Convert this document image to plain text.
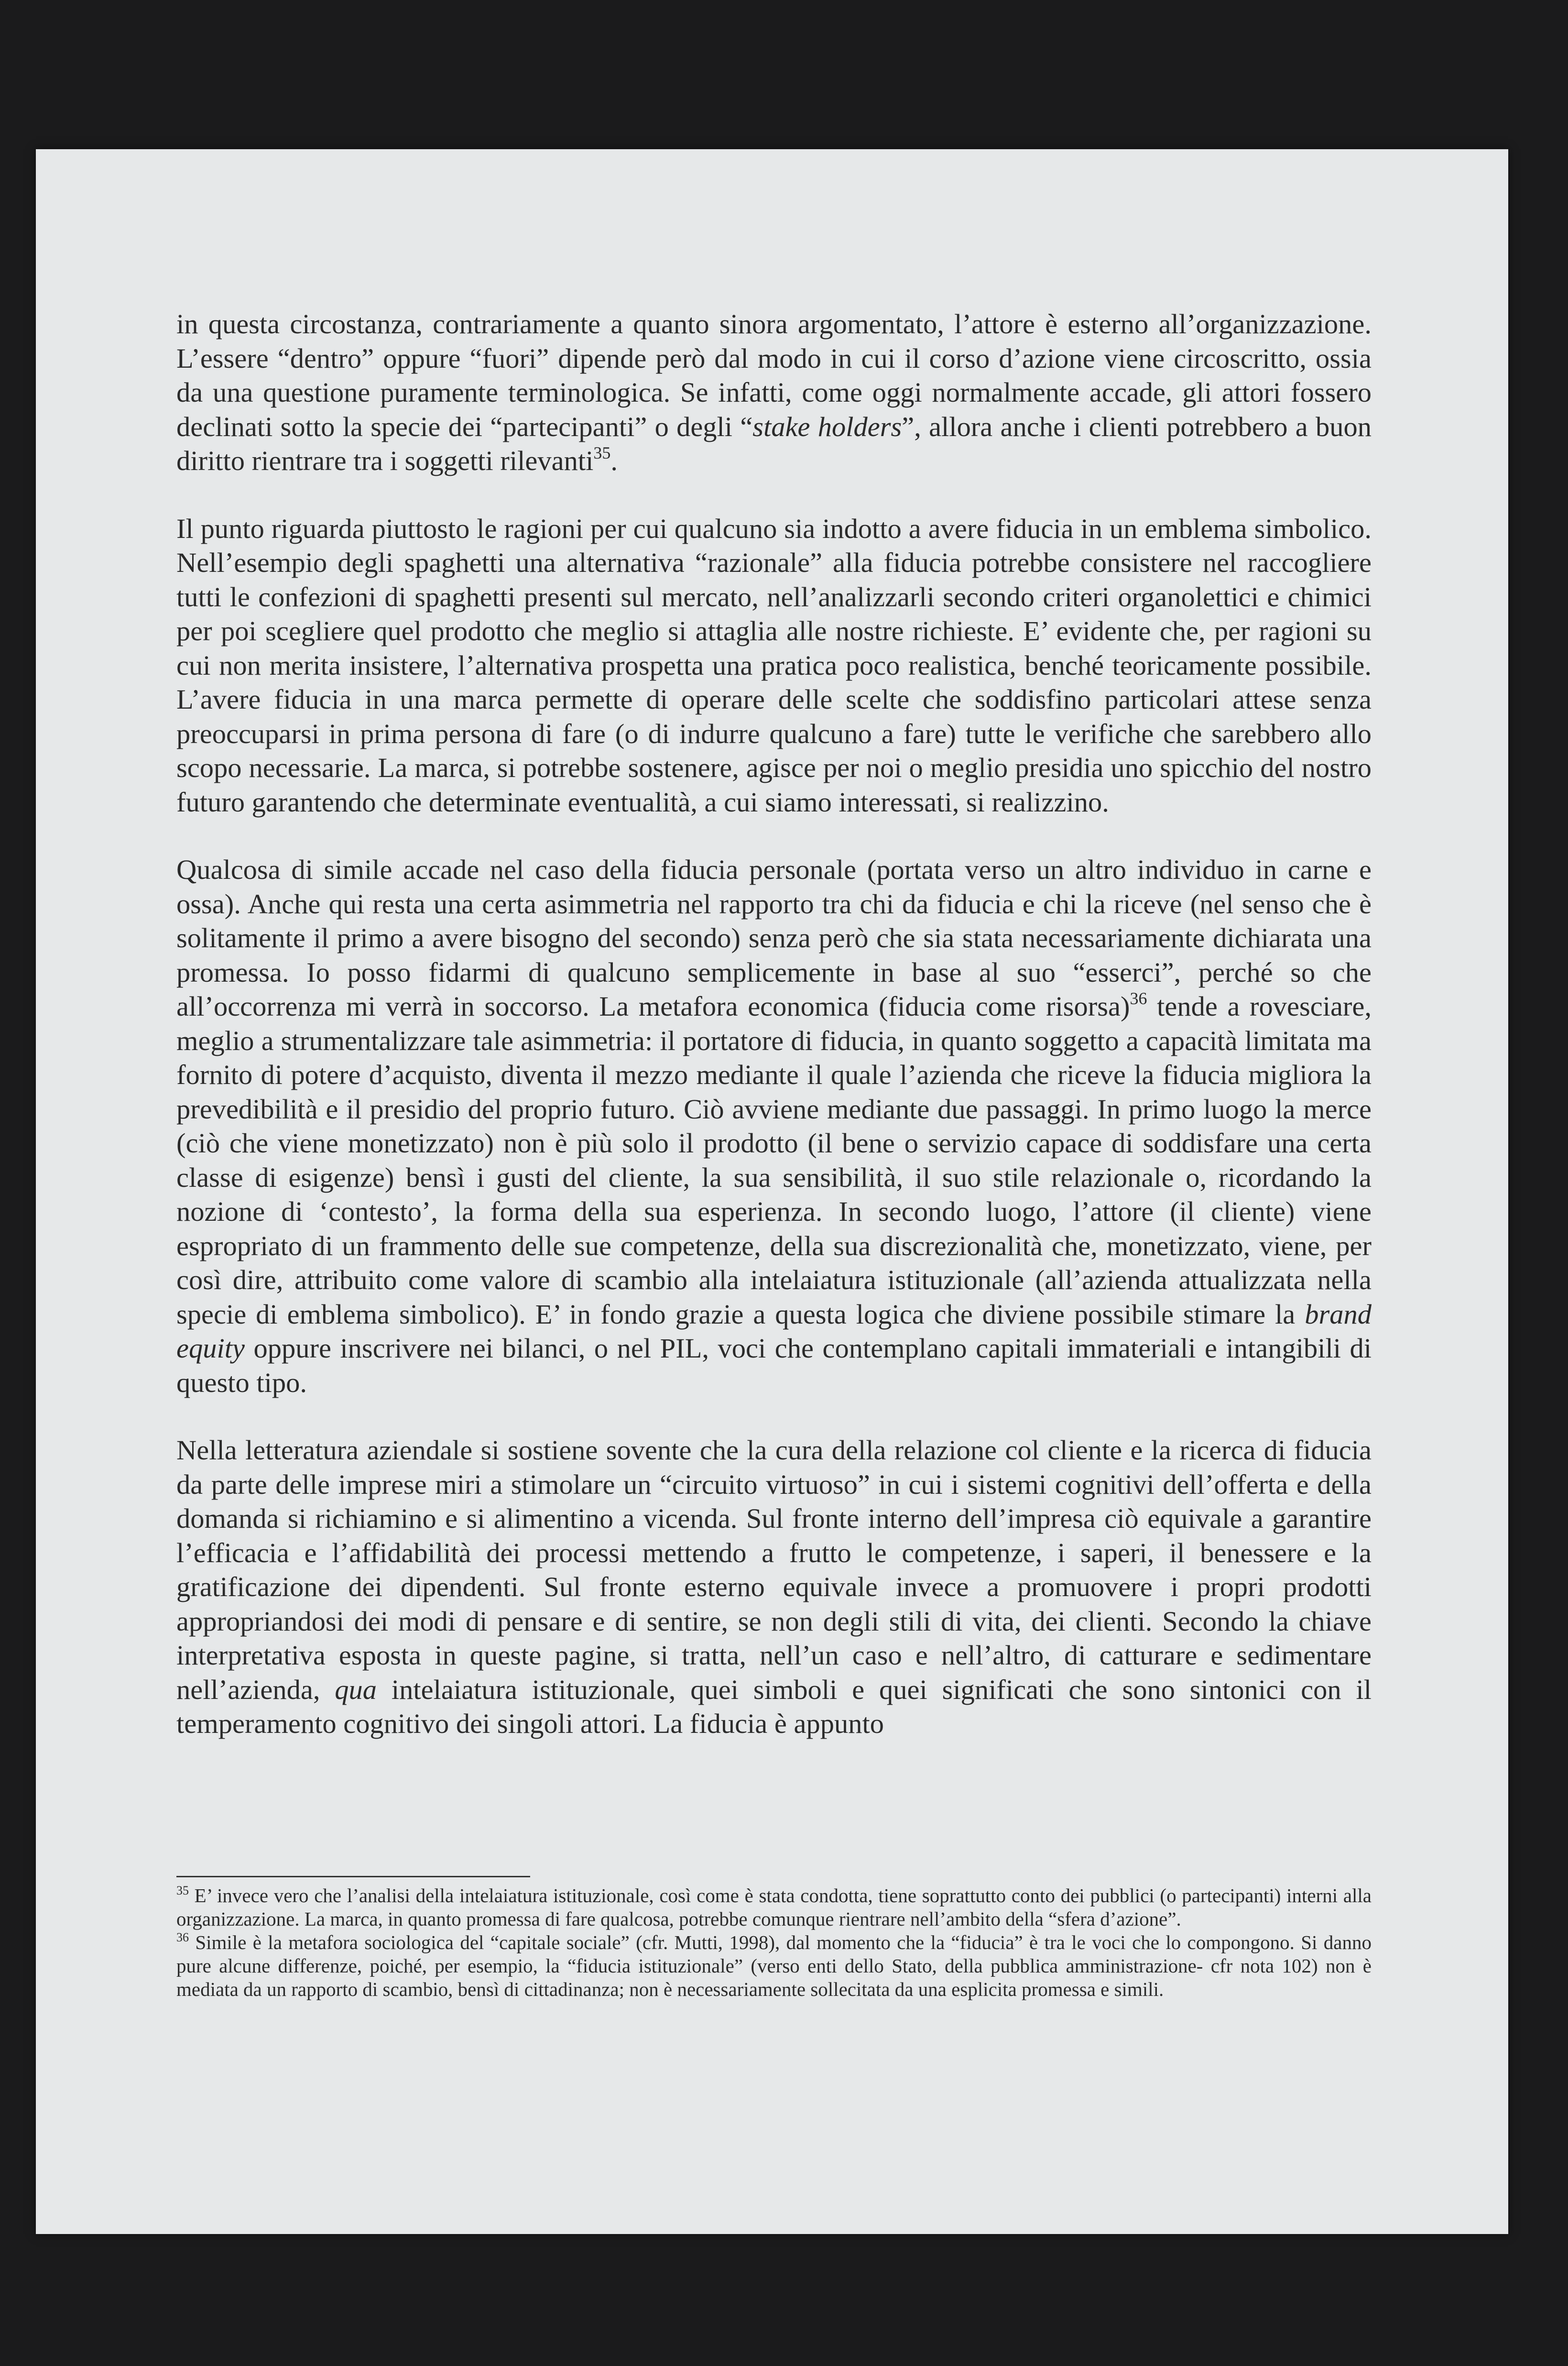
in questa circostanza, contrariamente a quanto sinora argomentato, l’attore è esterno all’organizzazione. L’essere “dentro” oppure “fuori” dipende però dal modo in cui il corso d’azione viene circoscritto, ossia da una questione puramente terminologica. Se infatti, come oggi normalmente accade, gli attori fossero declinati sotto la specie dei “partecipanti” o degli “stake holders”, allora anche i clienti potrebbero a buon diritto rientrare tra i soggetti rilevanti$^{35}$.

Il punto riguarda piuttosto le ragioni per cui qualcuno sia indotto a avere fiducia in un emblema simbolico. Nell’esempio degli spaghetti una alternativa “razionale” alla fiducia potrebbe consistere nel raccogliere tutti le confezioni di spaghetti presenti sul mercato, nell’analizzarli secondo criteri organolettici e chimici per poi scegliere quel prodotto che meglio si attaglia alle nostre richieste. E’ evidente che, per ragioni su cui non merita insistere, l’alternativa prospetta una pratica poco realistica, benché teoricamente possibile. L’avere fiducia in una marca permette di operare delle scelte che soddisfino particolari attese senza preoccuparsi in prima persona di fare (o di indurre qualcuno a fare) tutte le verifiche che sarebbero allo scopo necessarie. La marca, si potrebbe sostenere, agisce per noi o meglio presidia uno spicchio del nostro futuro garantendo che determinate eventualità, a cui siamo interessati, si realizzino.

Qualcosa di simile accade nel caso della fiducia personale (portata verso un altro individuo in carne e ossa). Anche qui resta una certa asimmetria nel rapporto tra chi da fiducia e chi la riceve (nel senso che è solitamente il primo a avere bisogno del secondo) senza però che sia stata necessariamente dichiarata una promessa. Io posso fidarmi di qualcuno semplicemente in base al suo “esserci”, perché so che all’occorrenza mi verrà in soccorso. La metafora economica (fiducia come risorsa)$^{36}$ tende a rovesciare, meglio a strumentalizzare tale asimmetria: il portatore di fiducia, in quanto soggetto a capacità limitata ma fornito di potere d’acquisto, diventa il mezzo mediante il quale l’azienda che riceve la fiducia migliora la prevedibilità e il presidio del proprio futuro. Ciò avviene mediante due passaggi. In primo luogo la merce (ciò che viene monetizzato) non è più solo il prodotto (il bene o servizio capace di soddisfare una certa classe di esigenze) bensì i gusti del cliente, la sua sensibilità, il suo stile relazionale o, ricordando la nozione di ‘contesto’, la forma della sua esperienza. In secondo luogo, l’attore (il cliente) viene espropriato di un frammento delle sue competenze, della sua discrezionalità che, monetizzato, viene, per così dire, attribuito come valore di scambio alla intelaiatura istituzionale (all’azienda attualizzata nella specie di emblema simbolico). E’ in fondo grazie a questa logica che diviene possibile stimare la brand equity oppure inscrivere nei bilanci, o nel PIL, voci che contemplano capitali immateriali e intangibili di questo tipo.

Nella letteratura aziendale si sostiene sovente che la cura della relazione col cliente e la ricerca di fiducia da parte delle imprese miri a stimolare un “circuito virtuoso” in cui i sistemi cognitivi dell’offerta e della domanda si richiamino e si alimentino a vicenda. Sul fronte interno dell’impresa ciò equivale a garantire l’efficacia e l’affidabilità dei processi mettendo a frutto le competenze, i saperi, il benessere e la gratificazione dei dipendenti. Sul fronte esterno equivale invece a promuovere i propri prodotti appropriandosi dei modi di pensare e di sentire, se non degli stili di vita, dei clienti. Secondo la chiave interpretativa esposta in queste pagine, si tratta, nell’un caso e nell’altro, di catturare e sedimentare nell’azienda, qua intelaiatura istituzionale, quei simboli e quei significati che sono sintonici con il temperamento cognitivo dei singoli attori. La fiducia è appunto

$^{35}$ E’ invece vero che l’analisi della intelaiatura istituzionale, così come è stata condotta, tiene soprattutto conto dei pubblici (o partecipanti) interni alla organizzazione. La marca, in quanto promessa di fare qualcosa, potrebbe comunque rientrare nell’ambito della “sfera d’azione”.

$^{36}$ Simile è la metafora sociologica del “capitale sociale” (cfr. Mutti, 1998), dal momento che la “fiducia” è tra le voci che lo compongono. Si danno pure alcune differenze, poiché, per esempio, la “fiducia istituzionale” (verso enti dello Stato, della pubblica amministrazione- cfr nota 102) non è mediata da un rapporto di scambio, bensì di cittadinanza; non è necessariamente sollecitata da una esplicita promessa e simili.
